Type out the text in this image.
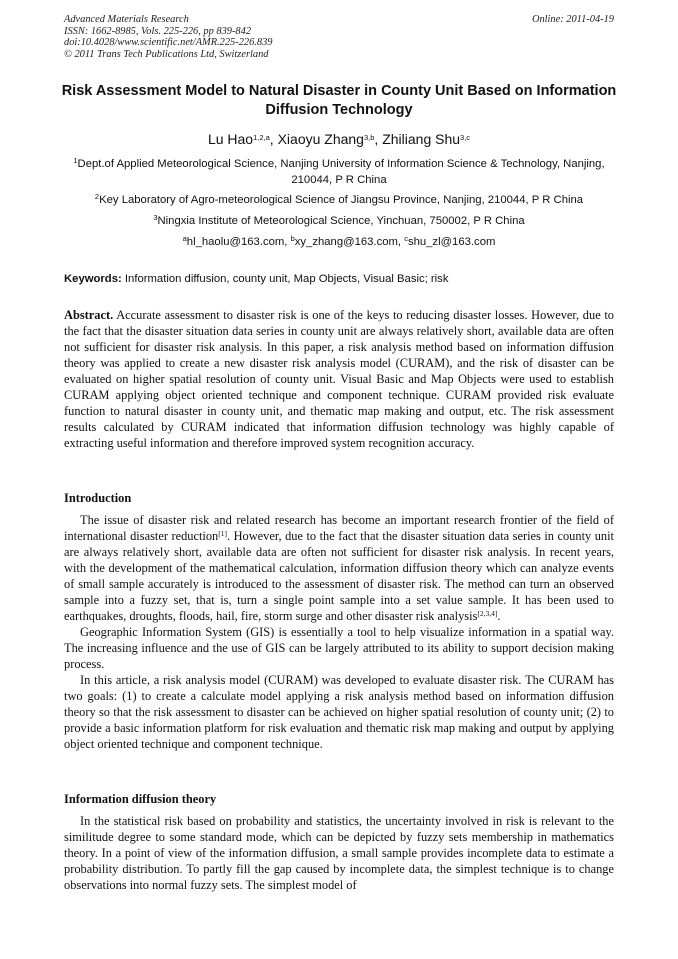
Advanced Materials Research
ISSN: 1662-8985, Vols. 225-226, pp 839-842
doi:10.4028/www.scientific.net/AMR.225-226.839
© 2011 Trans Tech Publications Ltd, Switzerland
Online: 2011-04-19
Risk Assessment Model to Natural Disaster in County Unit Based on Information Diffusion Technology
Lu Hao$^{1,2,a}$, Xiaoyu Zhang$^{3,b}$, Zhiliang Shu$^{3,c}$
$^1$Dept.of Applied Meteorological Science, Nanjing University of Information Science & Technology, Nanjing, 210044, P R China
$^2$Key Laboratory of Agro-meteorological Science of Jiangsu Province, Nanjing, 210044, P R China
$^3$Ningxia Institute of Meteorological Science, Yinchuan, 750002, P R China
$^a$hl_haolu@163.com, $^b$xy_zhang@163.com, $^c$shu_zl@163.com
Keywords: Information diffusion, county unit, Map Objects, Visual Basic; risk

Abstract. Accurate assessment to disaster risk is one of the keys to reducing disaster losses. However, due to the fact that the disaster situation data series in county unit are always relatively short, available data are often not sufficient for disaster risk analysis. In this paper, a risk analysis method based on information diffusion theory was applied to create a new disaster risk analysis model (CURAM), and the risk of disaster can be evaluated on higher spatial resolution of county unit. Visual Basic and Map Objects were used to establish CURAM applying object oriented technique and component technique. CURAM provided risk evaluate function to natural disaster in county unit, and thematic map making and output, etc. The risk assessment results calculated by CURAM indicated that information diffusion technology was highly capable of extracting useful information and therefore improved system recognition accuracy.

Introduction

The issue of disaster risk and related research has become an important research frontier of the field of international disaster reduction[1]. However, due to the fact that the disaster situation data series in county unit are always relatively short, available data are often not sufficient for disaster risk analysis. In recent years, with the development of the mathematical calculation, information diffusion theory which can analyze events of small sample accurately is introduced to the assessment of disaster risk. The method can turn an observed sample into a fuzzy set, that is, turn a single point sample into a set value sample. It has been used to earthquakes, droughts, floods, hail, fire, storm surge and other disaster risk analysis[2,3,4].

Geographic Information System (GIS) is essentially a tool to help visualize information in a spatial way. The increasing influence and the use of GIS can be largely attributed to its ability to support decision making process.

In this article, a risk analysis model (CURAM) was developed to evaluate disaster risk. The CURAM has two goals: (1) to create a calculate model applying a risk analysis method based on information diffusion theory so that the risk assessment to disaster can be achieved on higher spatial resolution of county unit; (2) to provide a basic information platform for risk evaluation and thematic risk map making and output by applying object oriented technique and component technique.

Information diffusion theory

In the statistical risk based on probability and statistics, the uncertainty involved in risk is relevant to the similitude degree to some standard mode, which can be depicted by fuzzy sets membership in mathematics theory. In a point of view of the information diffusion, a small sample provides incomplete data to estimate a probability distribution. To partly fill the gap caused by incomplete data, the simplest technique is to change observations into normal fuzzy sets. The simplest model of
